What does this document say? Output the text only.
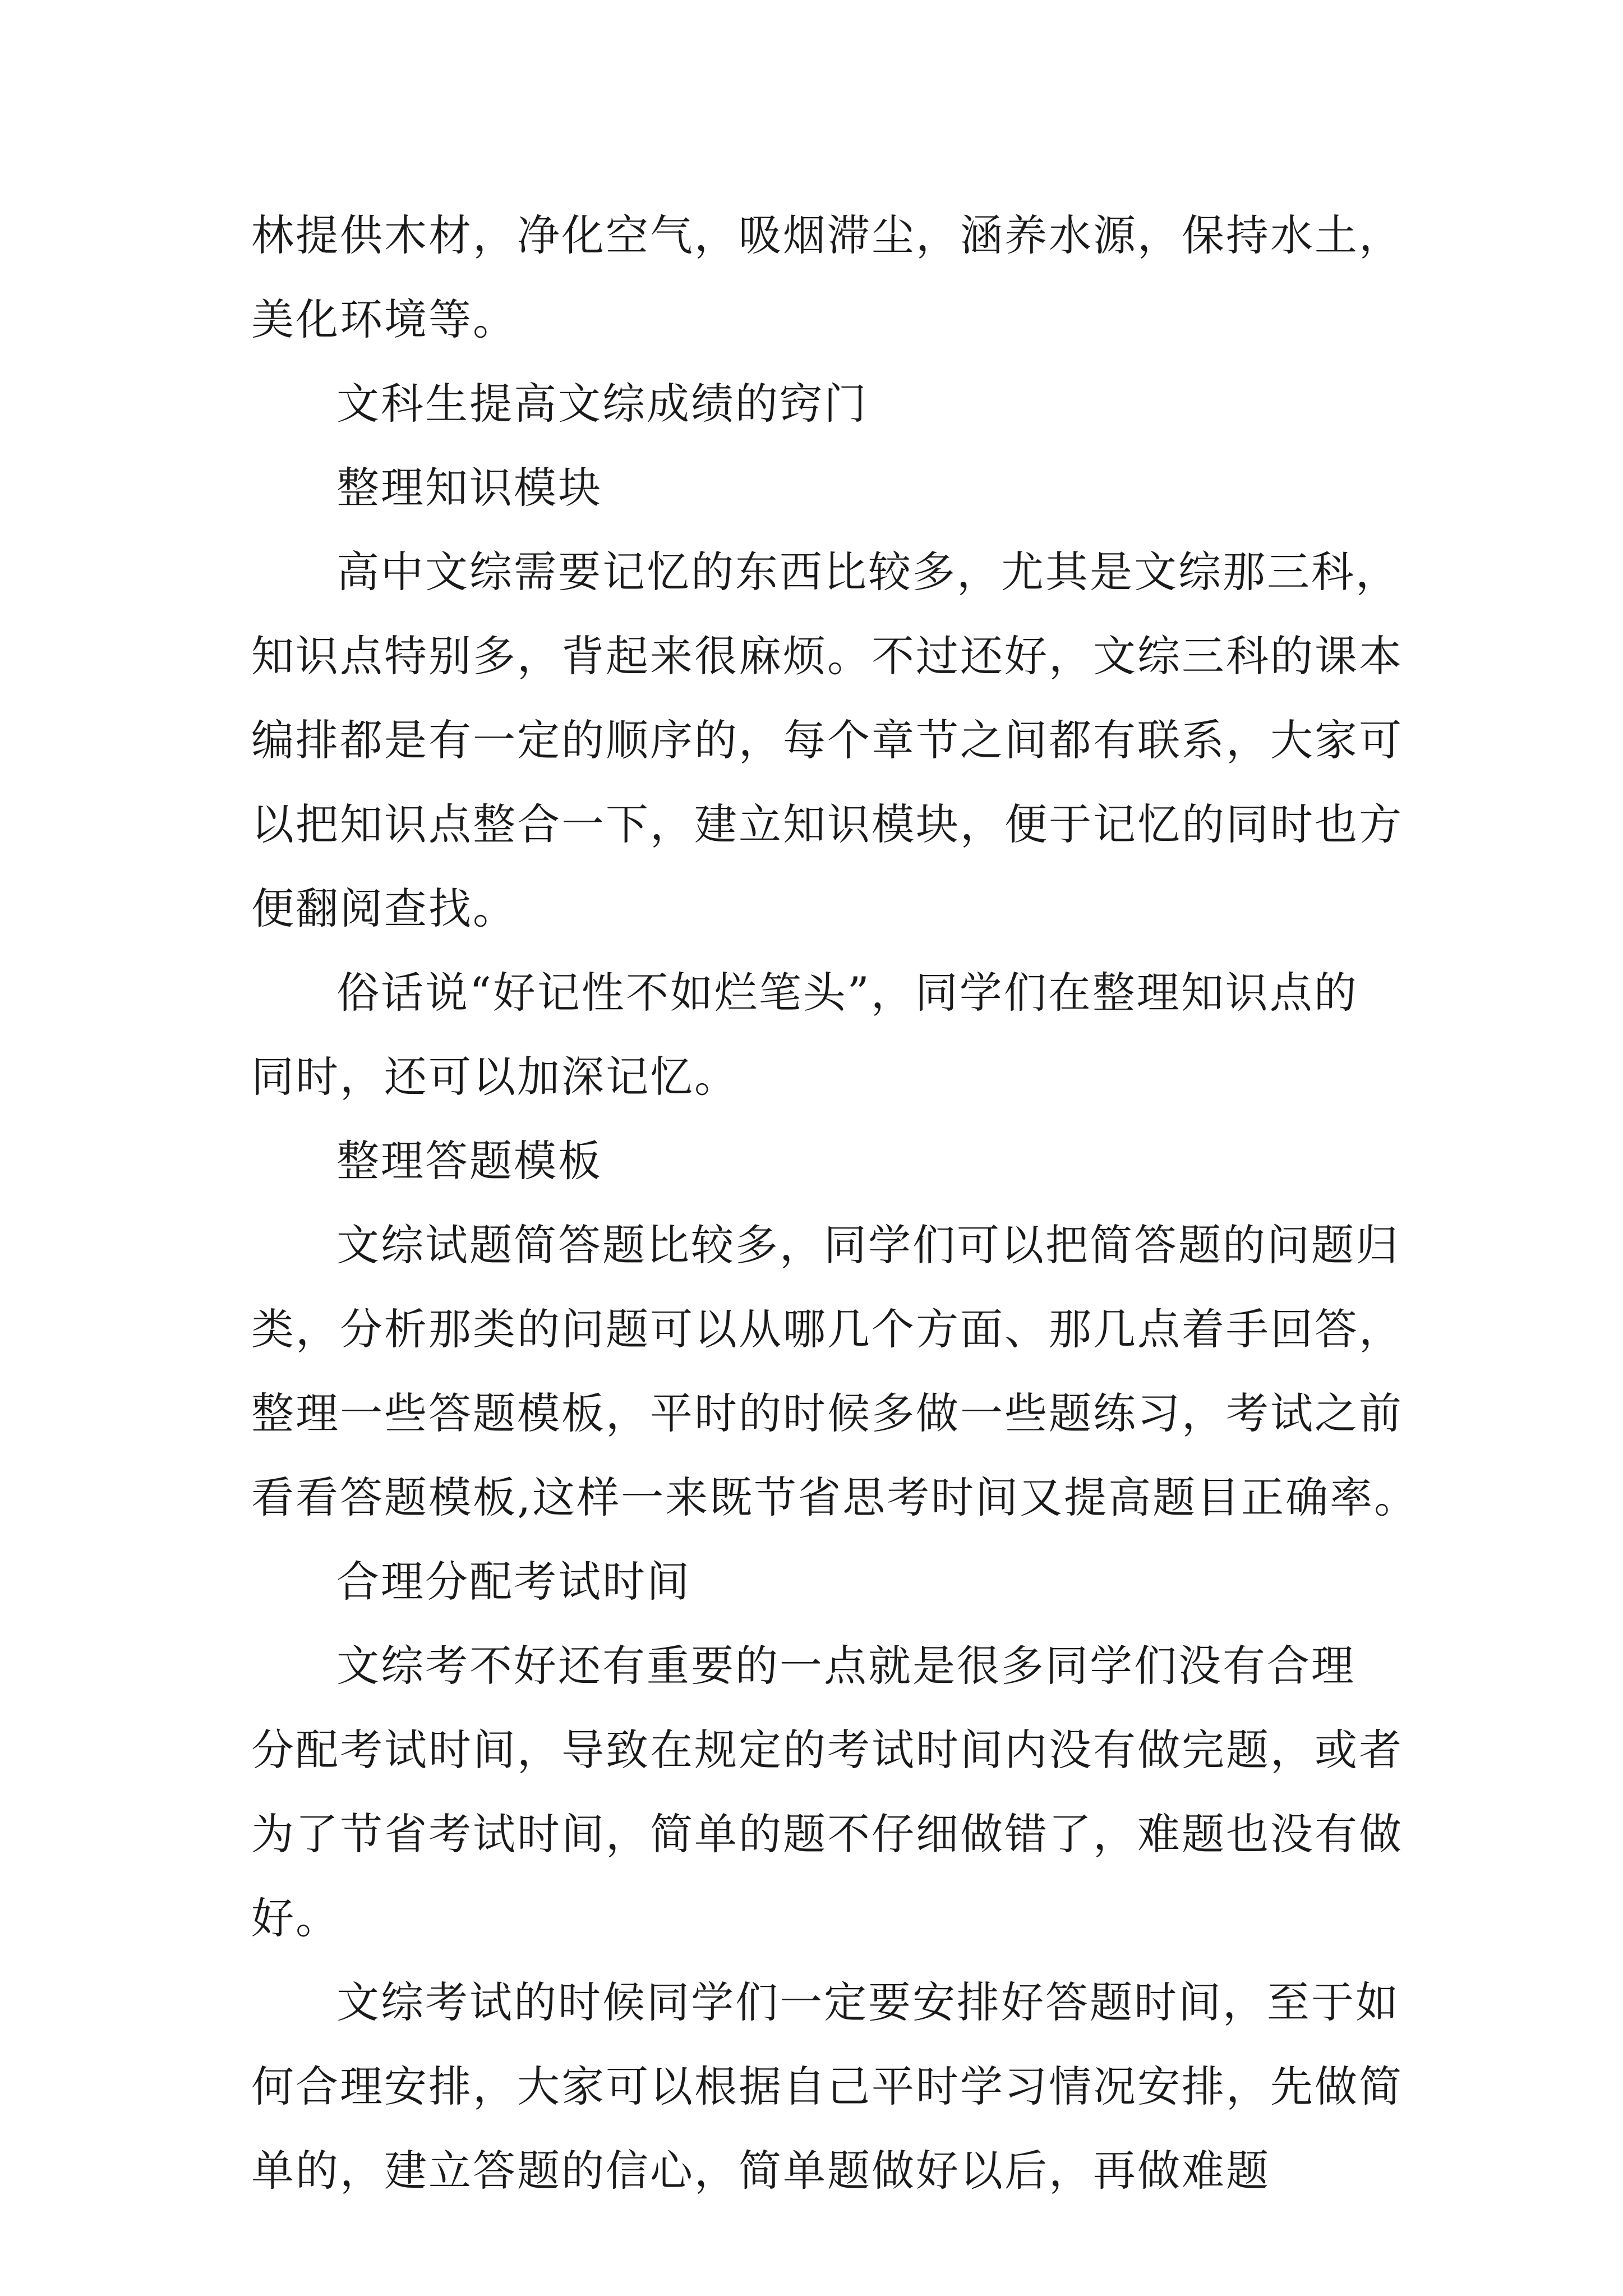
林提供木材，净化空气，吸烟滞尘，涵养水源，保持水土，
美化环境等。
文科生提高文综成绩的窍门
整理知识模块
高中文综需要记忆的东西比较多，尤其是文综那三科，
知识点特别多，背起来很麻烦。不过还好，文综三科的课本
编排都是有一定的顺序的，每个章节之间都有联系，大家可
以把知识点整合一下，建立知识模块，便于记忆的同时也方
便翻阅查找。
俗话说“好记性不如烂笔头”，同学们在整理知识点的
同时，还可以加深记忆。
整理答题模板
文综试题简答题比较多，同学们可以把简答题的问题归
类，分析那类的问题可以从哪几个方面、那几点着手回答，
整理一些答题模板，平时的时候多做一些题练习，考试之前
看看答题模板,这样一来既节省思考时间又提高题目正确率。
合理分配考试时间
文综考不好还有重要的一点就是很多同学们没有合理
分配考试时间，导致在规定的考试时间内没有做完题，或者
为了节省考试时间，简单的题不仔细做错了，难题也没有做
好。
文综考试的时候同学们一定要安排好答题时间，至于如
何合理安排，大家可以根据自己平时学习情况安排，先做简
单的，建立答题的信心，简单题做好以后，再做难题
